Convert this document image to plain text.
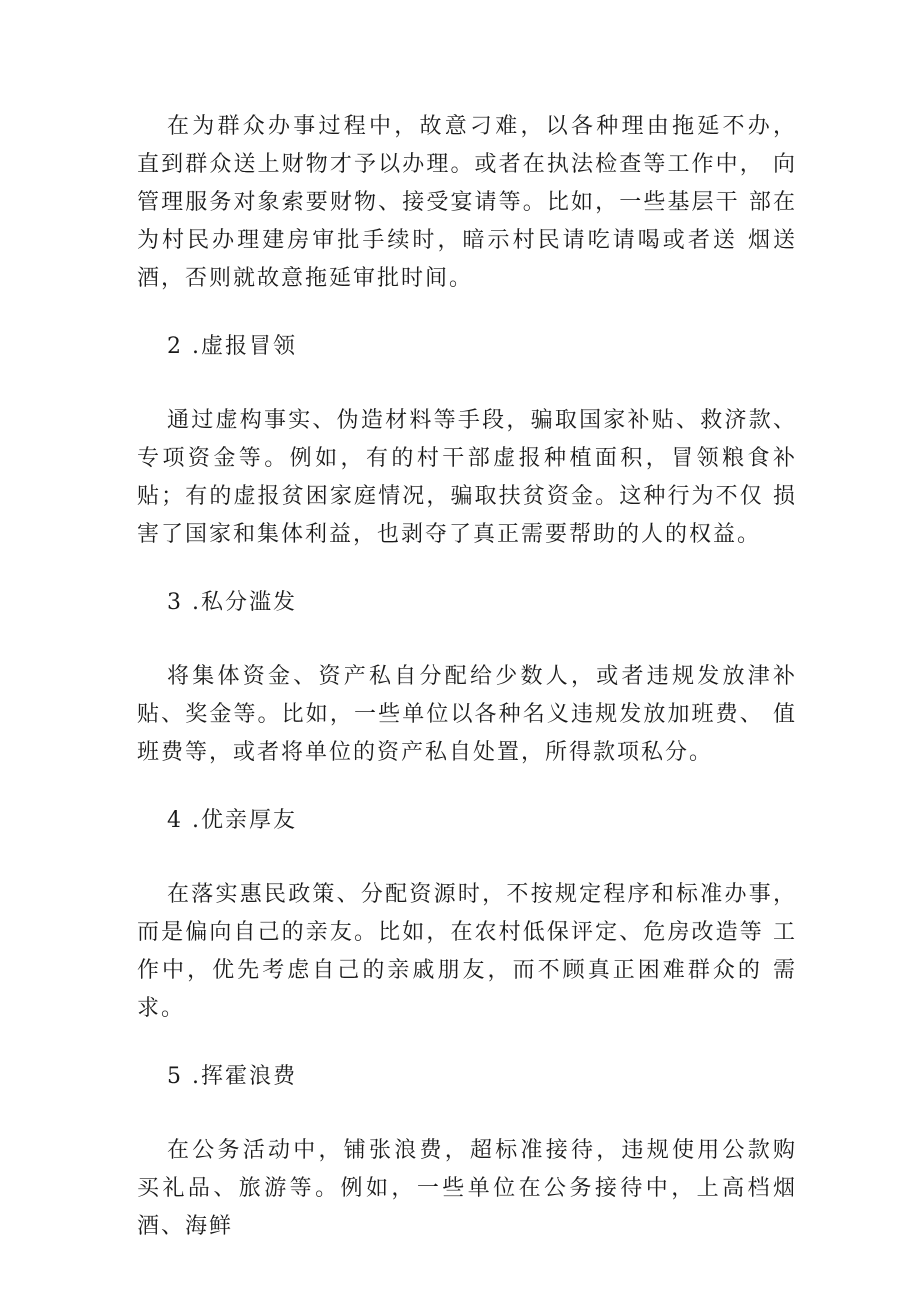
在为群众办事过程中，故意刁难，以各种理由拖延不办， 直到群众送上财物才予以办理。或者在执法检查等工作中， 向管理服务对象索要财物、接受宴请等。比如，一些基层干 部在为村民办理建房审批手续时，暗示村民请吃请喝或者送 烟送酒，否则就故意拖延审批时间。

2 .虚报冒领

通过虚构事实、伪造材料等手段，骗取国家补贴、救济款、 专项资金等。例如，有的村干部虚报种植面积，冒领粮食补 贴；有的虚报贫困家庭情况，骗取扶贫资金。这种行为不仅 损害了国家和集体利益，也剥夺了真正需要帮助的人的权益。

3 .私分滥发

将集体资金、资产私自分配给少数人，或者违规发放津补 贴、奖金等。比如，一些单位以各种名义违规发放加班费、 值班费等，或者将单位的资产私自处置，所得款项私分。

4 .优亲厚友

在落实惠民政策、分配资源时，不按规定程序和标准办事， 而是偏向自己的亲友。比如，在农村低保评定、危房改造等 工作中，优先考虑自己的亲戚朋友，而不顾真正困难群众的 需求。

5 .挥霍浪费

在公务活动中，铺张浪费，超标准接待，违规使用公款购 买礼品、旅游等。例如，一些单位在公务接待中，上高档烟 酒、海鲜
